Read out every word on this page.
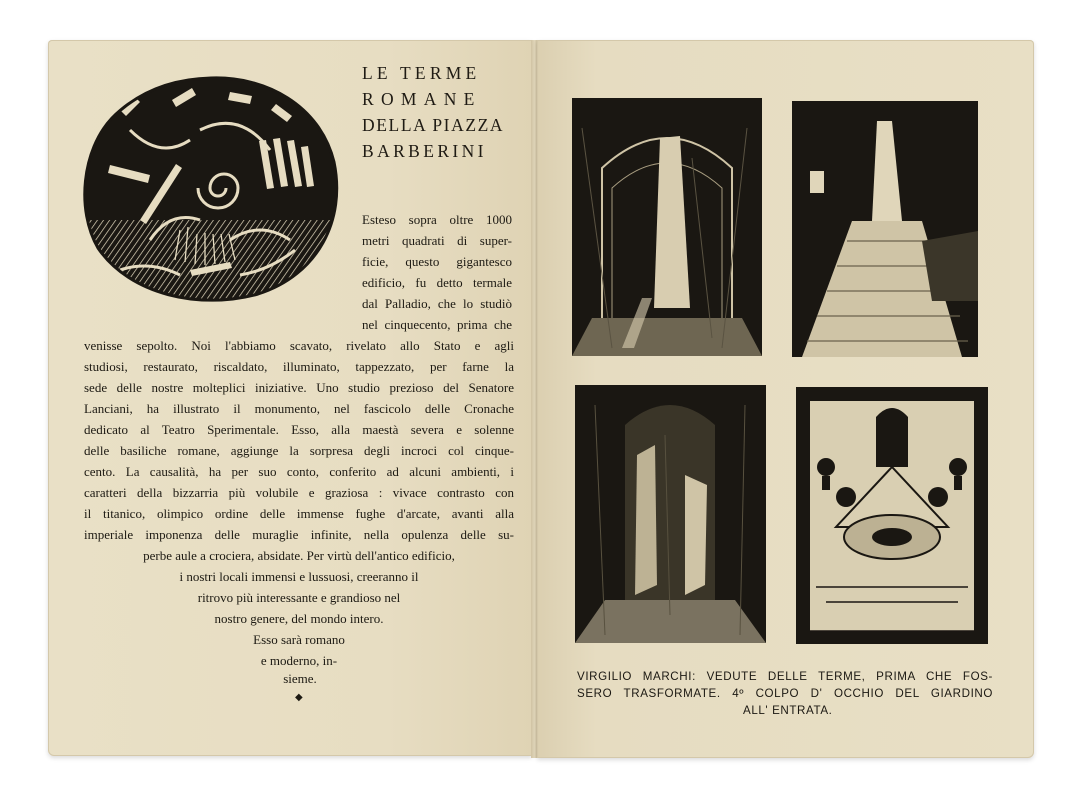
LE TERME
ROMANE
DELLA PIAZZA
BARBERINI
Esteso sopra oltre 1000
metri quadrati di super-
ficie, questo gigantesco
edificio, fu detto termale
dal Palladio, che lo studiò
nel cinquecento, prima che
venisse sepolto. Noi l'abbiamo scavato, rivelato allo Stato e agli
studiosi, restaurato, riscaldato, illuminato, tappezzato, per farne la
sede delle nostre molteplici iniziative. Uno studio prezioso del Senatore
Lanciani, ha illustrato il monumento, nel fascicolo delle Cronache
dedicato al Teatro Sperimentale. Esso, alla maestà severa e solenne
delle basiliche romane, aggiunge la sorpresa degli incroci col cinque-
cento. La causalità, ha per suo conto, conferito ad alcuni ambienti, i
caratteri della bizzarria più volubile e graziosa : vivace contrasto con
il titanico, olimpico ordine delle immense fughe d'arcate, avanti alla
imperiale imponenza delle muraglie infinite, nella opulenza delle su-
perbe aule a crociera, absidate. Per virtù dell'antico edificio,
i nostri locali immensi e lussuosi, creeranno il
ritrovo più interessante e grandioso nel
nostro genere, del mondo intero.
Esso sarà romano
e moderno, in-
sieme.
◆
VIRGILIO MARCHI: VEDUTE DELLE TERME, PRIMA CHE FOS-
SERO TRASFORMATE. 4º COLPO D' OCCHIO DEL GIARDINO
ALL' ENTRATA.
